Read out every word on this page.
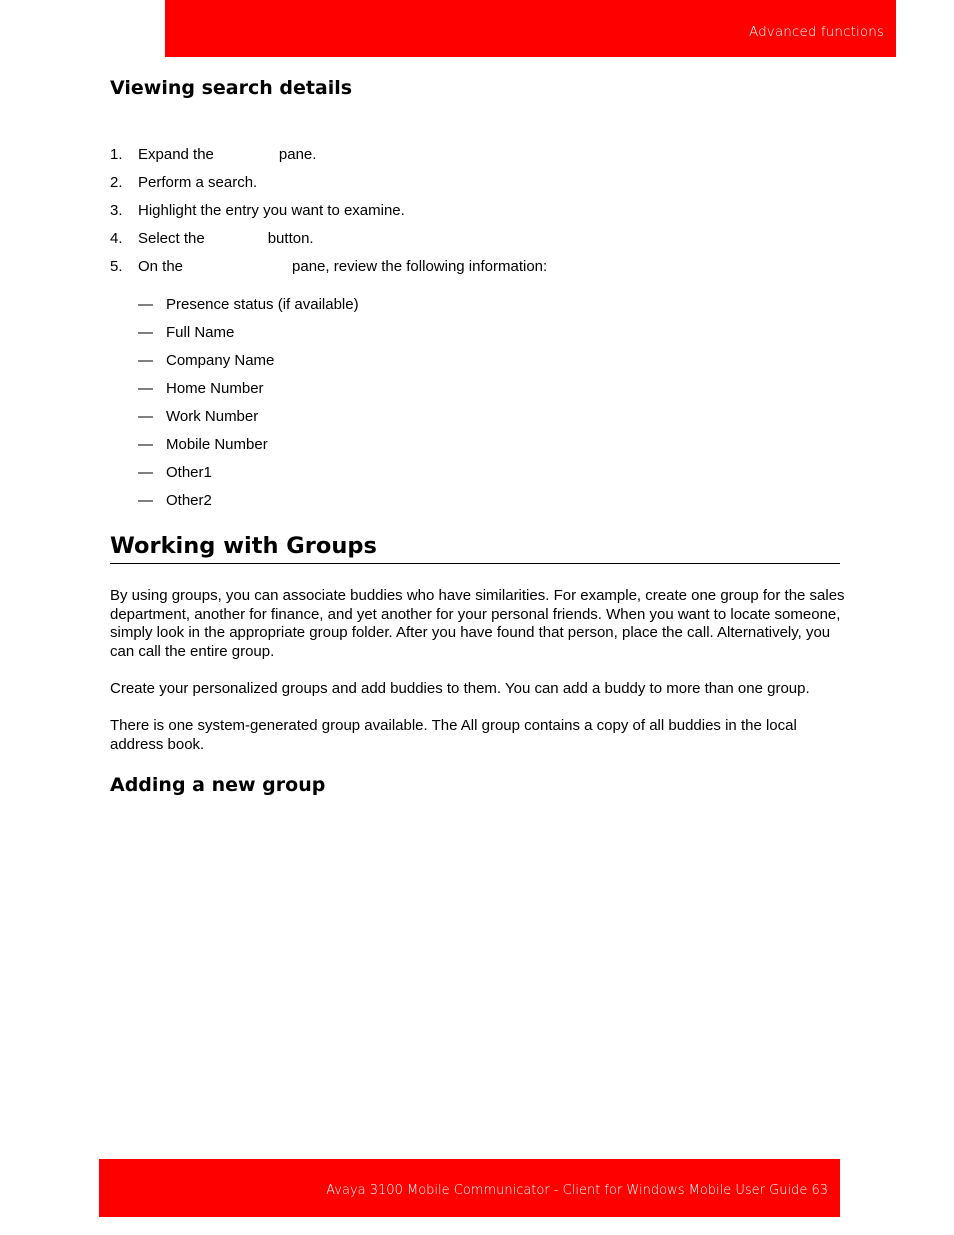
Advanced functions
Viewing search details
1. Expand the	pane.
2. Perform a search.
3. Highlight the entry you want to examine.
4. Select the	button.
5. On the	pane, review the following information:
— Presence status (if available)
— Full Name
— Company Name
— Home Number
— Work Number
— Mobile Number
— Other1
— Other2
Working with Groups

By using groups, you can associate buddies who have similarities. For example, create one group for the sales department, another for finance, and yet another for your personal friends. When you want to locate someone, simply look in the appropriate group folder. After you have found that person, place the call. Alternatively, you can call the entire group.

Create your personalized groups and add buddies to them. You can add a buddy to more than one group.

There is one system-generated group available. The All group contains a copy of all buddies in the local address book.

Adding a new group
Avaya 3100 Mobile Communicator - Client for Windows Mobile User Guide 63
